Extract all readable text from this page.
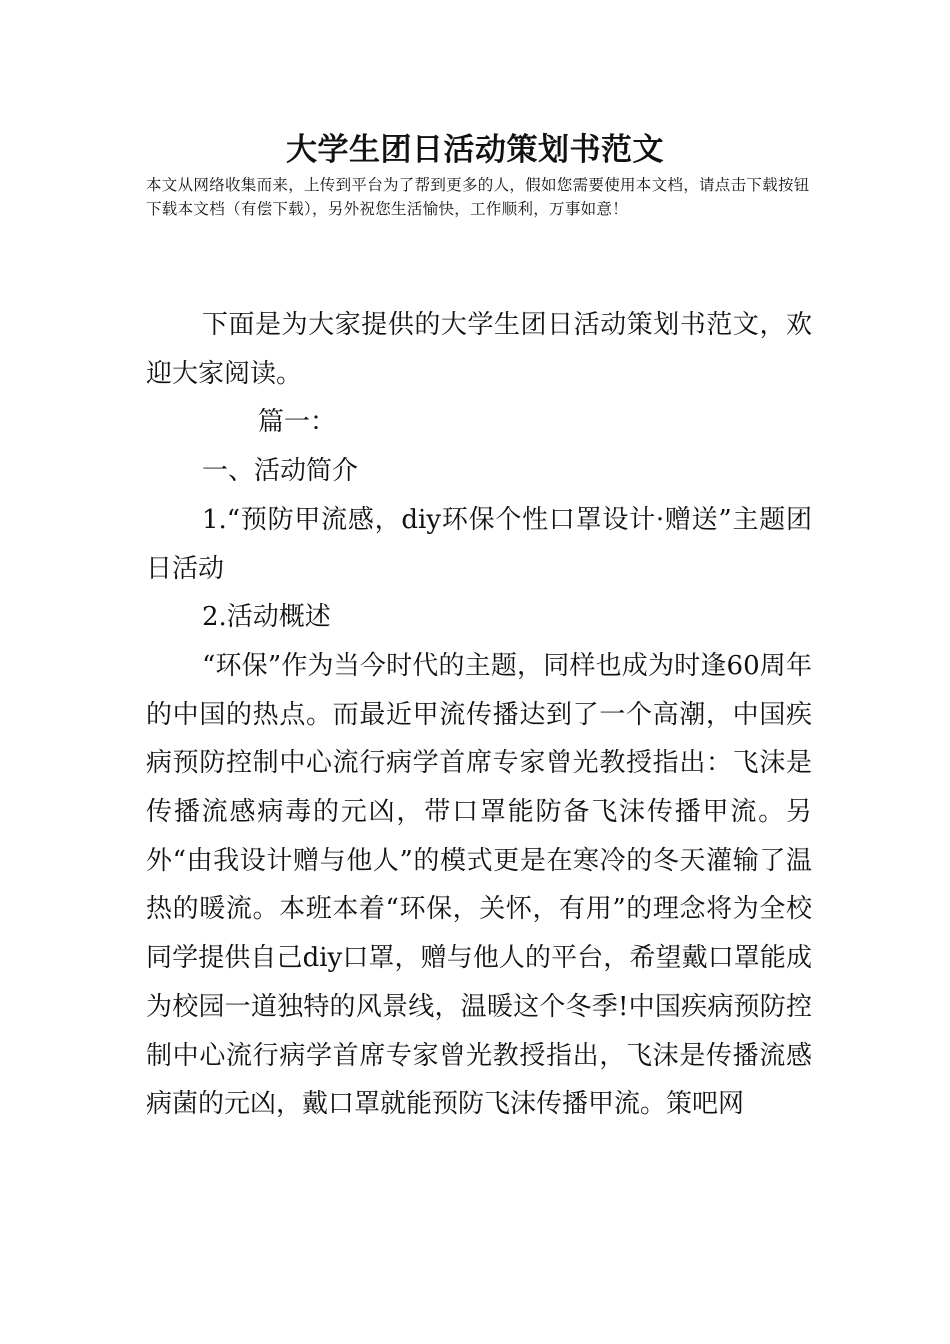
大学生团日活动策划书范文

本文从网络收集而来，上传到平台为了帮到更多的人，假如您需要使用本文档，请点击下载按钮下载本文档（有偿下载），另外祝您生活愉快，工作顺利，万事如意！

下面是为大家提供的大学生团日活动策划书范文，欢迎大家阅读。

篇一：

一、活动简介

1.“预防甲流感，diy环保个性口罩设计·赠送”主题团日活动

2.活动概述

“环保”作为当今时代的主题，同样也成为时逢60周年的中国的热点。而最近甲流传播达到了一个高潮，中国疾病预防控制中心流行病学首席专家曾光教授指出：飞沫是传播流感病毒的元凶，带口罩能防备飞沫传播甲流。另外“由我设计赠与他人”的模式更是在寒冷的冬天灌输了温热的暖流。本班本着“环保，关怀，有用”的理念将为全校同学提供自己diy口罩，赠与他人的平台，希望戴口罩能成为校园一道独特的风景线，温暖这个冬季!中国疾病预防控制中心流行病学首席专家曾光教授指出，飞沫是传播流感病菌的元凶，戴口罩就能预防飞沫传播甲流。策吧网
